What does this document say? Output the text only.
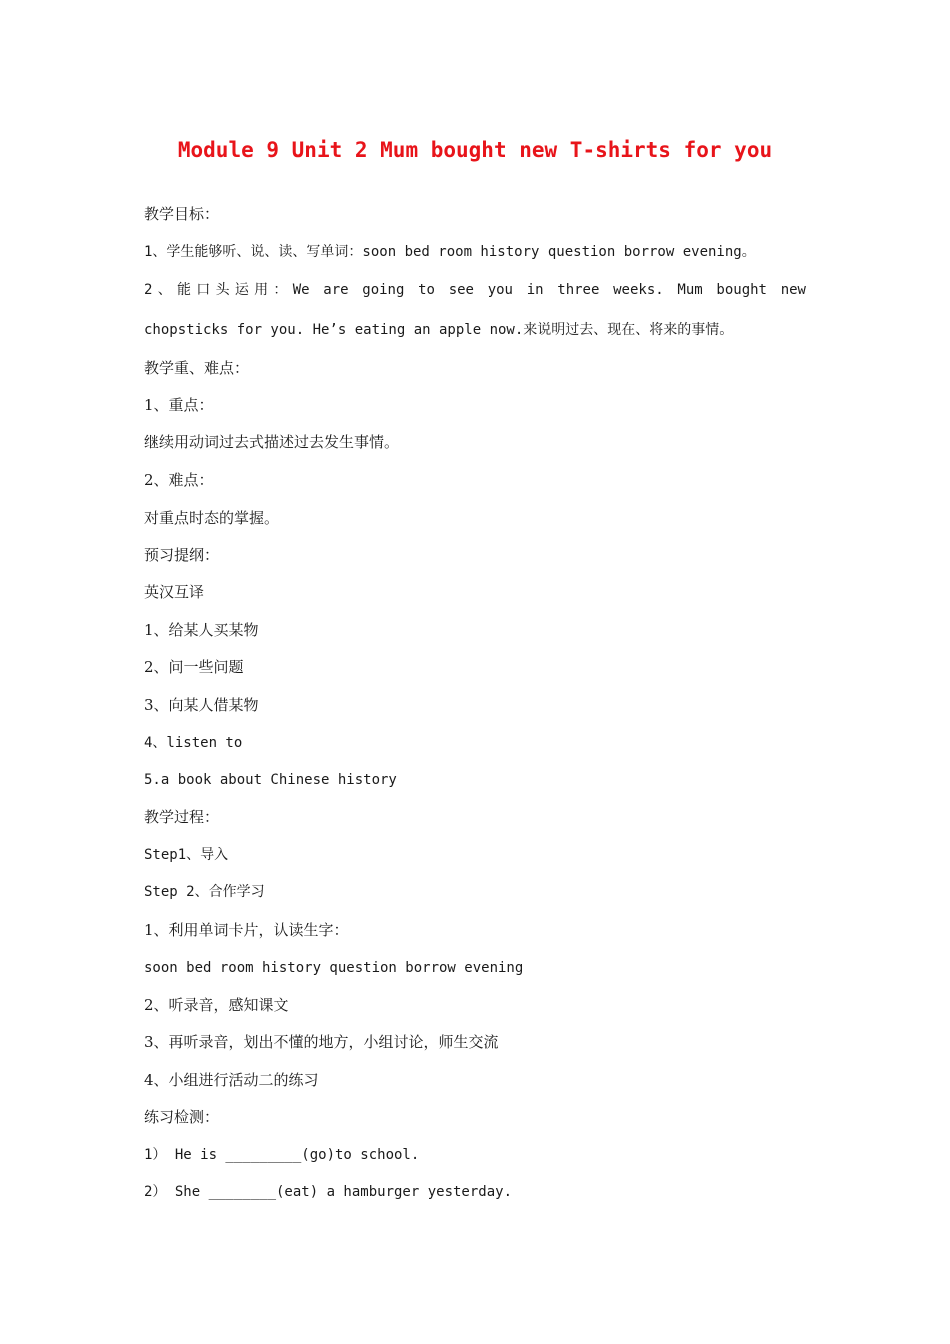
Module 9 Unit 2 Mum bought new T-shirts for you
教学目标：
1、学生能够听、说、读、写单词：soon bed room history question borrow evening。
2、能口头运用：We are going to see you in three weeks. Mum bought new
chopsticks for you. He’s eating an apple now.来说明过去、现在、将来的事情。
教学重、难点：
1、重点：
继续用动词过去式描述过去发生事情。
2、难点：
对重点时态的掌握。
预习提纲：
英汉互译
1、给某人买某物
2、问一些问题
3、向某人借某物
4、listen to
5.a book about Chinese history
教学过程：
Step1、导入
Step 2、合作学习
1、利用单词卡片，认读生字：
soon bed room history question borrow evening
2、听录音，感知课文
3、再听录音，划出不懂的地方，小组讨论，师生交流
4、小组进行活动二的练习
练习检测：
1） He is _________(go)to school.
2） She ________(eat) a hamburger yesterday.
